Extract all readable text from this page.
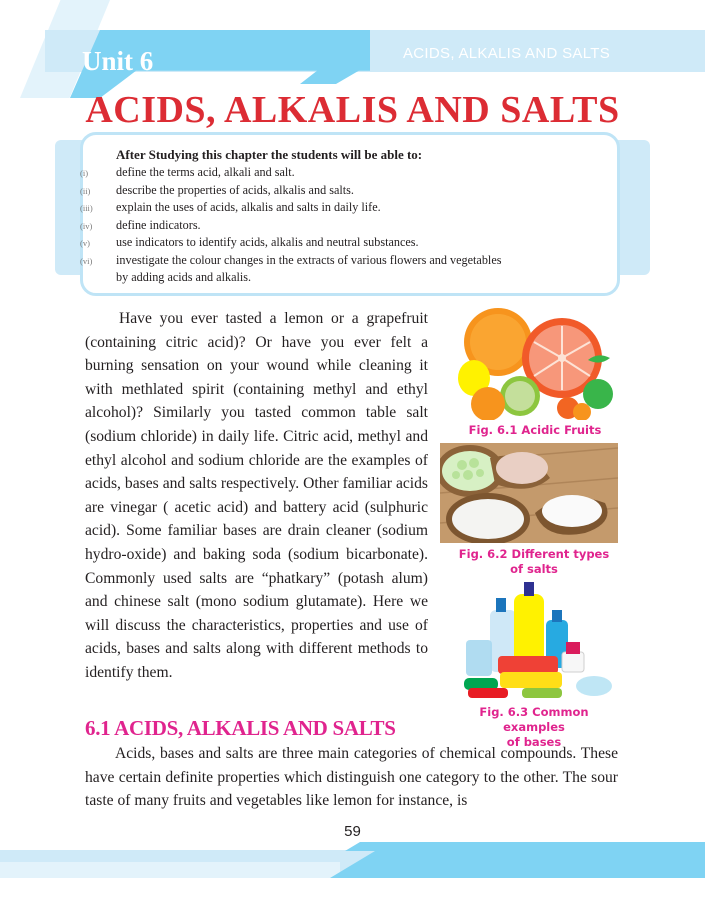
Unit 6	ACIDS, ALKALIS AND SALTS
ACIDS, ALKALIS AND SALTS
After Studying this chapter the students will be able to:
(i)	define the terms acid, alkali and salt.
(ii)	describe the properties of acids, alkalis and salts.
(iii)	explain the uses of acids, alkalis and salts in daily life.
(iv)	define indicators.
(v)	use indicators to identify acids, alkalis and neutral substances.
(vi)	investigate the colour changes in the extracts of various flowers and vegetables
by adding acids and alkalis.

Have you ever tasted a lemon or a grapefruit (containing citric acid)? Or have you ever felt a burning sensation on your wound while cleaning it with methlated spirit (containing methyl and ethyl alcohol)? Similarly you tasted common table salt (sodium chloride) in daily life. Citric acid, methyl and ethyl alcohol and sodium chloride are the examples of acids, bases and salts respectively. Other familiar acids are vinegar ( acetic acid) and battery acid (sulphuric acid). Some familiar bases are drain cleaner (sodium hydro-oxide) and baking soda (sodium bicarbonate). Commonly used salts are “phatkary” (potash alum) and chinese salt (mono sodium glutamate). Here we will discuss the characteristics, properties and use of acids, bases and salts along with different methods to identify them.

Fig. 6.1 Acidic Fruits
Fig. 6.2 Different types
of salts
Fig. 6.3 Common examples
of bases
6.1 ACIDS, ALKALIS AND SALTS

Acids, bases and salts are three main categories of chemical compounds. These have certain definite properties which distinguish one category to the other. The sour taste of many fruits and vegetables like lemon for instance, is

59
